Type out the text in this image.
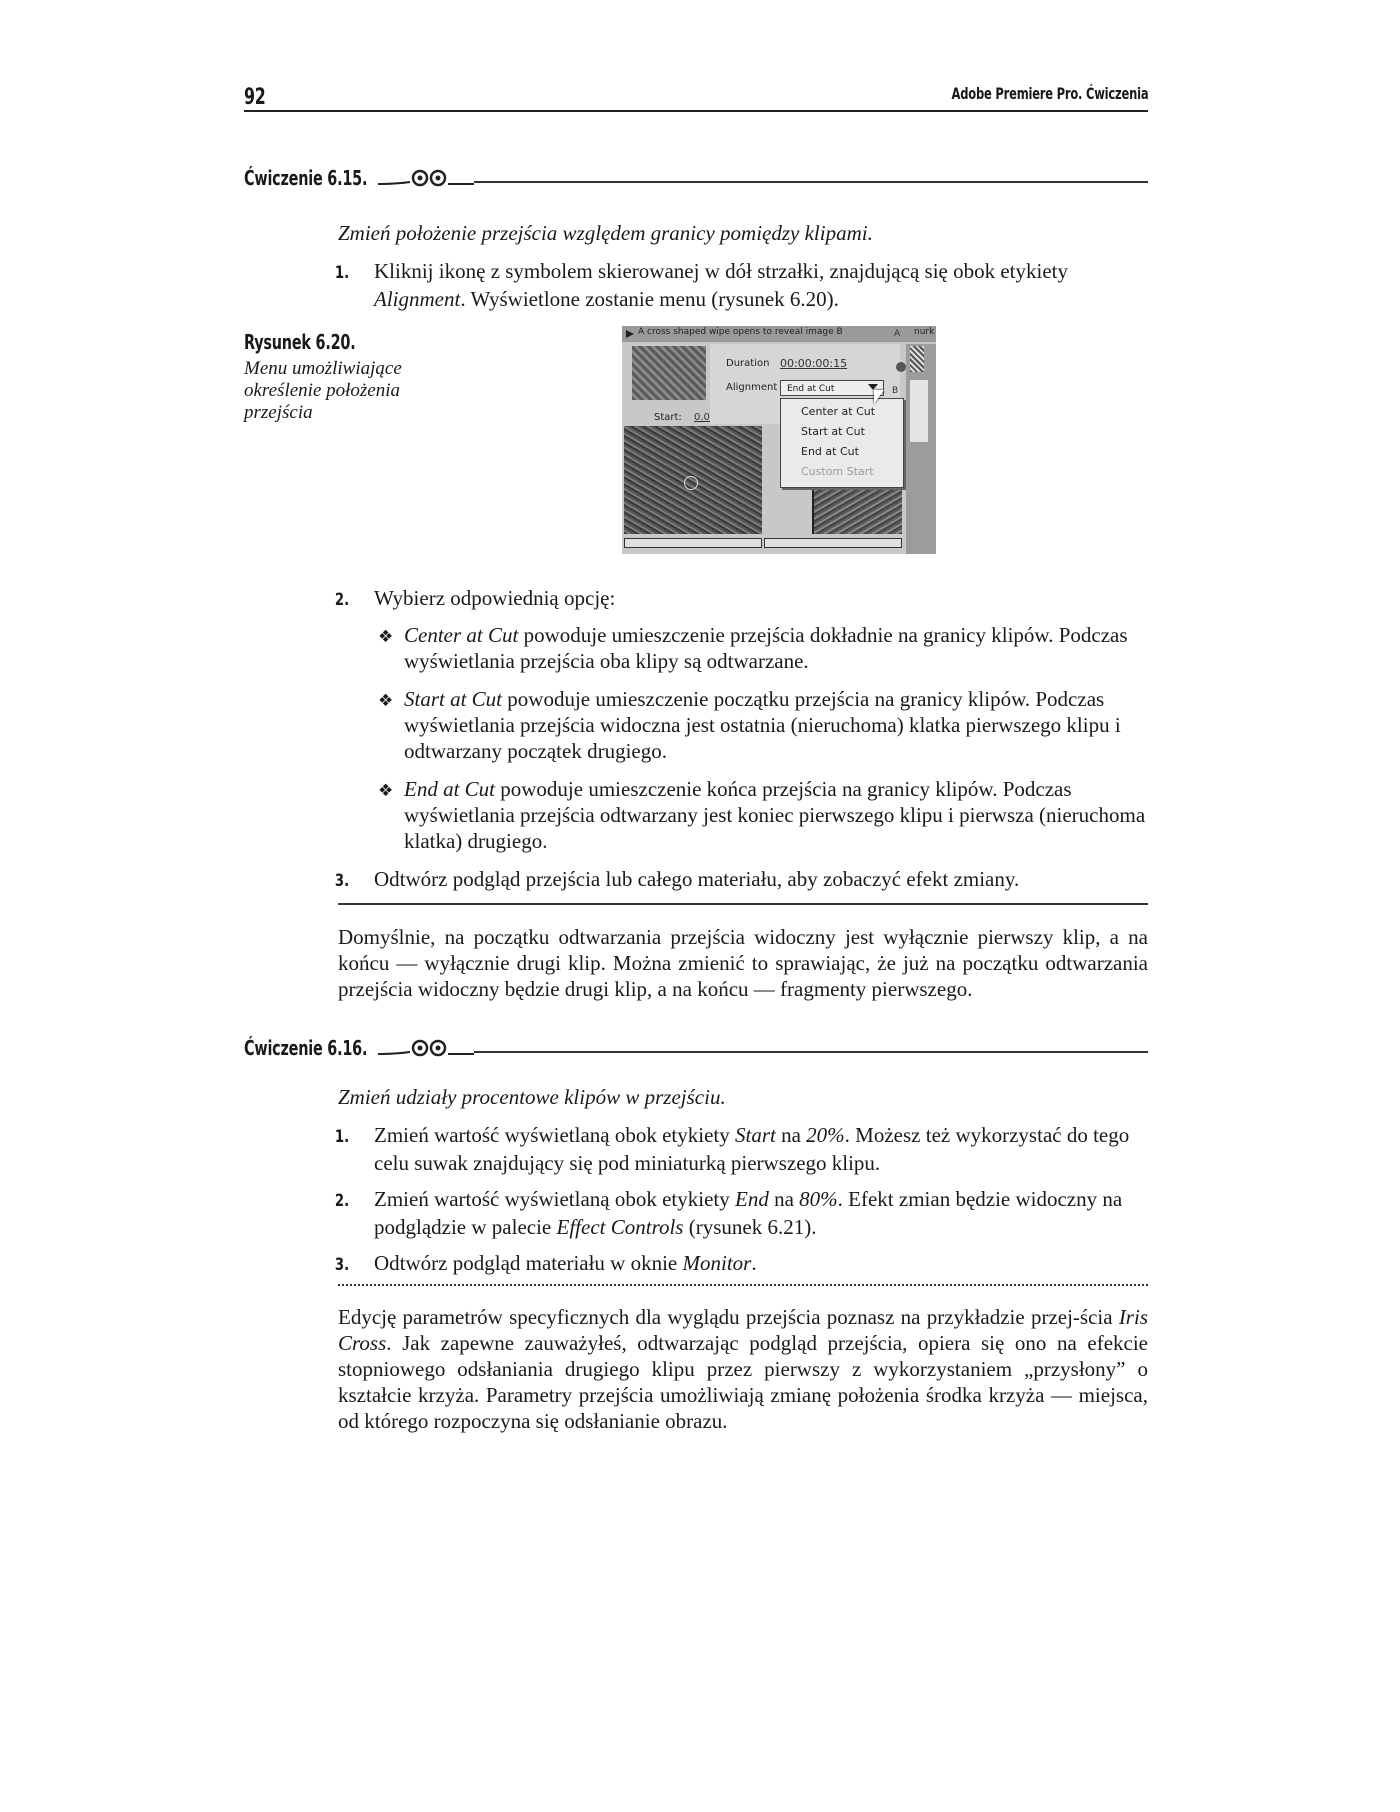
92	Adobe Premiere Pro. Ćwiczenia
Ćwiczenie 6.15.
Zmień położenie przejścia względem granicy pomiędzy klipami.
1. Kliknij ikonę z symbolem skierowanej w dół strzałki, znajdującą się obok etykiety Alignment. Wyświetlone zostanie menu (rysunek 6.20).
Rysunek 6.20.
Menu umożliwiające określenie położenia przejścia
A cross shaped wipe opens to reveal image B	A nurk
Duration 00:00:00:15
Alignment	End at Cut	B
Start: 0.0	Center at Cut
Start at Cut
End at Cut
Custom Start
2. Wybierz odpowiednią opcję:
❖ Center at Cut powoduje umieszczenie przejścia dokładnie na granicy klipów. Podczas wyświetlania przejścia oba klipy są odtwarzane.
❖ Start at Cut powoduje umieszczenie początku przejścia na granicy klipów. Podczas wyświetlania przejścia widoczna jest ostatnia (nieruchoma) klatka pierwszego klipu i odtwarzany początek drugiego.
❖ End at Cut powoduje umieszczenie końca przejścia na granicy klipów. Podczas wyświetlania przejścia odtwarzany jest koniec pierwszego klipu i pierwsza (nieruchoma klatka) drugiego.
3. Odtwórz podgląd przejścia lub całego materiału, aby zobaczyć efekt zmiany.
Domyślnie, na początku odtwarzania przejścia widoczny jest wyłącznie pierwszy klip, a na końcu — wyłącznie drugi klip. Można zmienić to sprawiając, że już na początku odtwarzania przejścia widoczny będzie drugi klip, a na końcu — fragmenty pierwszego.
Ćwiczenie 6.16.
Zmień udziały procentowe klipów w przejściu.
1. Zmień wartość wyświetlaną obok etykiety Start na 20%. Możesz też wykorzystać do tego celu suwak znajdujący się pod miniaturką pierwszego klipu.
2. Zmień wartość wyświetlaną obok etykiety End na 80%. Efekt zmian będzie widoczny na podglądzie w palecie Effect Controls (rysunek 6.21).
3. Odtwórz podgląd materiału w oknie Monitor.
Edycję parametrów specyficznych dla wyglądu przejścia poznasz na przykładzie przej-ścia Iris Cross. Jak zapewne zauważyłeś, odtwarzając podgląd przejścia, opiera się ono na efekcie stopniowego odsłaniania drugiego klipu przez pierwszy z wykorzystaniem „przysłony” o kształcie krzyża. Parametry przejścia umożliwiają zmianę położenia środka krzyża — miejsca, od którego rozpoczyna się odsłanianie obrazu.
